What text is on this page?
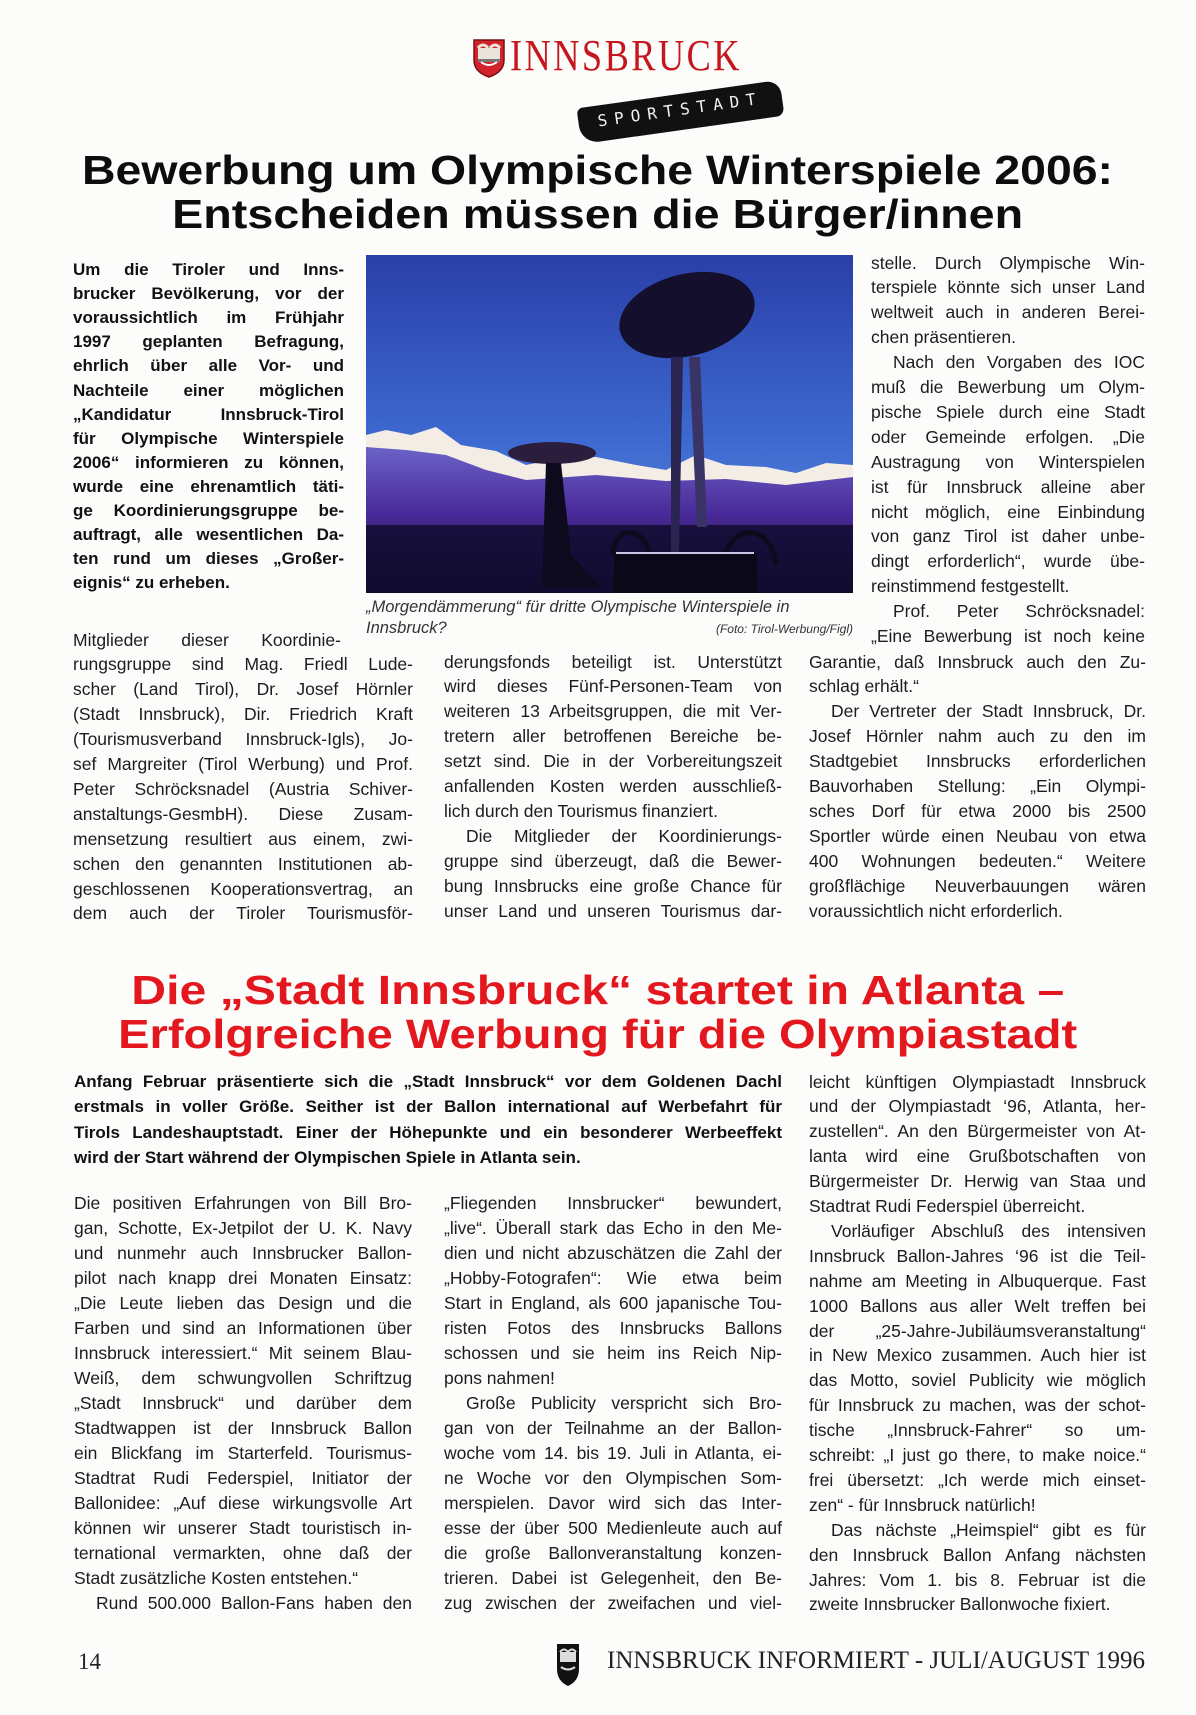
INNSBRUCK
SPORTSTADT
Bewerbung um Olympische Winterspiele 2006:
Entscheiden müssen die Bürger/innen
Um die Tiroler und Inns-
brucker Bevölkerung, vor der
voraussichtlich im Frühjahr
1997 geplanten Befragung,
ehrlich über alle Vor- und
Nachteile einer möglichen
„Kandidatur Innsbruck-Tirol
für Olympische Winterspiele
2006“ informieren zu können,
wurde eine ehrenamtlich täti-
ge Koordinierungsgruppe be-
auftragt, alle wesentlichen Da-
ten rund um dieses „Großer-
eignis“ zu erheben.
„Morgendämmerung“ für dritte Olympische Winterspiele in
Innsbruck?	(Foto: Tirol-Werbung/Figl)
Mitglieder dieser Koordinie-
rungsgruppe sind Mag. Friedl Lude-
scher (Land Tirol), Dr. Josef Hörnler
(Stadt Innsbruck), Dir. Friedrich Kraft
(Tourismusverband Innsbruck-Igls), Jo-
sef Margreiter (Tirol Werbung) und Prof.
Peter Schröcksnadel (Austria Schiver-
anstaltungs-GesmbH). Diese Zusam-
mensetzung resultiert aus einem, zwi-
schen den genannten Institutionen ab-
geschlossenen Kooperationsvertrag, an
dem auch der Tiroler Tourismusför-
derungsfonds beteiligt ist. Unterstützt
wird dieses Fünf-Personen-Team von
weiteren 13 Arbeitsgruppen, die mit Ver-
tretern aller betroffenen Bereiche be-
setzt sind. Die in der Vorbereitungszeit
anfallenden Kosten werden ausschließ-
lich durch den Tourismus finanziert.
Die Mitglieder der Koordinierungs-
gruppe sind überzeugt, daß die Bewer-
bung Innsbrucks eine große Chance für
unser Land und unseren Tourismus dar-
stelle. Durch Olympische Win-
terspiele könnte sich unser Land
weltweit auch in anderen Berei-
chen präsentieren.
Nach den Vorgaben des IOC
muß die Bewerbung um Olym-
pische Spiele durch eine Stadt
oder Gemeinde erfolgen. „Die
Austragung von Winterspielen
ist für Innsbruck alleine aber
nicht möglich, eine Einbindung
von ganz Tirol ist daher unbe-
dingt erforderlich“, wurde übe-
reinstimmend festgestellt.
Prof. Peter Schröcksnadel:
„Eine Bewerbung ist noch keine
Garantie, daß Innsbruck auch den Zu-
schlag erhält.“
Der Vertreter der Stadt Innsbruck, Dr.
Josef Hörnler nahm auch zu den im
Stadtgebiet Innsbrucks erforderlichen
Bauvorhaben Stellung: „Ein Olympi-
sches Dorf für etwa 2000 bis 2500
Sportler würde einen Neubau von etwa
400 Wohnungen bedeuten.“ Weitere
großflächige Neuverbauungen wären
voraussichtlich nicht erforderlich.
Die „Stadt Innsbruck“ startet in Atlanta –
Erfolgreiche Werbung für die Olympiastadt
Anfang Februar präsentierte sich die „Stadt Innsbruck“ vor dem Goldenen Dachl
erstmals in voller Größe. Seither ist der Ballon international auf Werbefahrt für
Tirols Landeshauptstadt. Einer der Höhepunkte und ein besonderer Werbeeffekt
wird der Start während der Olympischen Spiele in Atlanta sein.
Die positiven Erfahrungen von Bill Bro-
gan, Schotte, Ex-Jetpilot der U. K. Navy
und nunmehr auch Innsbrucker Ballon-
pilot nach knapp drei Monaten Einsatz:
„Die Leute lieben das Design und die
Farben und sind an Informationen über
Innsbruck interessiert.“ Mit seinem Blau-
Weiß, dem schwungvollen Schriftzug
„Stadt Innsbruck“ und darüber dem
Stadtwappen ist der Innsbruck Ballon
ein Blickfang im Starterfeld. Tourismus-
Stadtrat Rudi Federspiel, Initiator der
Ballonidee: „Auf diese wirkungsvolle Art
können wir unserer Stadt touristisch in-
ternational vermarkten, ohne daß der
Stadt zusätzliche Kosten entstehen.“
Rund 500.000 Ballon-Fans haben den
„Fliegenden Innsbrucker“ bewundert,
„live“. Überall stark das Echo in den Me-
dien und nicht abzuschätzen die Zahl der
„Hobby-Fotografen“: Wie etwa beim
Start in England, als 600 japanische Tou-
risten Fotos des Innsbrucks Ballons
schossen und sie heim ins Reich Nip-
pons nahmen!
Große Publicity verspricht sich Bro-
gan von der Teilnahme an der Ballon-
woche vom 14. bis 19. Juli in Atlanta, ei-
ne Woche vor den Olympischen Som-
merspielen. Davor wird sich das Inter-
esse der über 500 Medienleute auch auf
die große Ballonveranstaltung konzen-
trieren. Dabei ist Gelegenheit, den Be-
zug zwischen der zweifachen und viel-
leicht künftigen Olympiastadt Innsbruck
und der Olympiastadt ‘96, Atlanta, her-
zustellen“. An den Bürgermeister von At-
lanta wird eine Grußbotschaften von
Bürgermeister Dr. Herwig van Staa und
Stadtrat Rudi Federspiel überreicht.
Vorläufiger Abschluß des intensiven
Innsbruck Ballon-Jahres ‘96 ist die Teil-
nahme am Meeting in Albuquerque. Fast
1000 Ballons aus aller Welt treffen bei
der „25-Jahre-Jubiläumsveranstaltung“
in New Mexico zusammen. Auch hier ist
das Motto, soviel Publicity wie möglich
für Innsbruck zu machen, was der schot-
tische „Innsbruck-Fahrer“ so um-
schreibt: „I just go there, to make noice.“
frei übersetzt: „Ich werde mich einset-
zen“ - für Innsbruck natürlich!
Das nächste „Heimspiel“ gibt es für
den Innsbruck Ballon Anfang nächsten
Jahres: Vom 1. bis 8. Februar ist die
zweite Innsbrucker Ballonwoche fixiert.
14	INNSBRUCK INFORMIERT - JULI/AUGUST 1996
